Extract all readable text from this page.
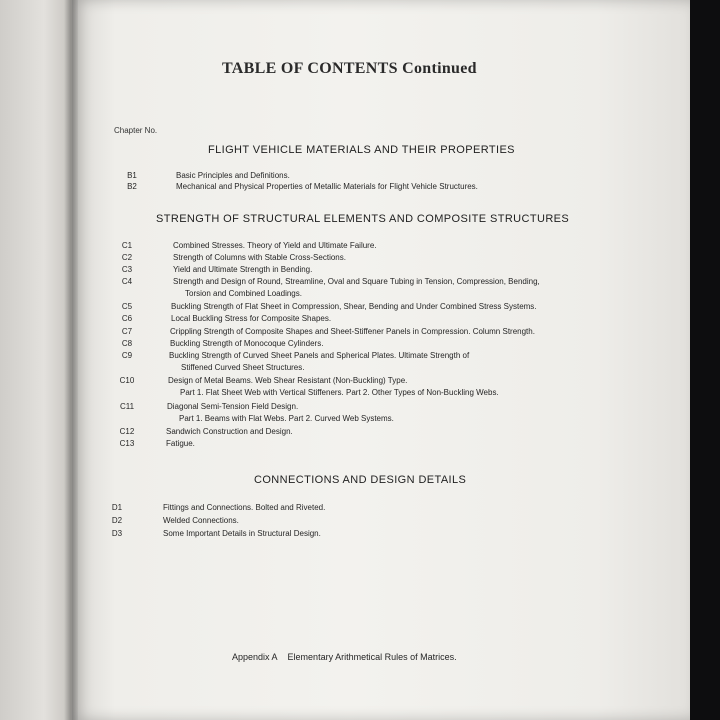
TABLE OF CONTENTS Continued
Chapter No.
FLIGHT VEHICLE MATERIALS AND THEIR PROPERTIES
B1	Basic Principles and Definitions.
B2	Mechanical and Physical Properties of Metallic Materials for Flight Vehicle Structures.
STRENGTH OF STRUCTURAL ELEMENTS AND COMPOSITE STRUCTURES
C1	Combined Stresses. Theory of Yield and Ultimate Failure.
C2	Strength of Columns with Stable Cross-Sections.
C3	Yield and Ultimate Strength in Bending.
C4	Strength and Design of Round, Streamline, Oval and Square Tubing in Tension, Compression, Bending,
Torsion and Combined Loadings.
C5	Buckling Strength of Flat Sheet in Compression, Shear, Bending and Under Combined Stress Systems.
C6	Local Buckling Stress for Composite Shapes.
C7	Crippling Strength of Composite Shapes and Sheet-Stiffener Panels in Compression. Column Strength.
C8	Buckling Strength of Monocoque Cylinders.
C9	Buckling Strength of Curved Sheet Panels and Spherical Plates. Ultimate Strength of
Stiffened Curved Sheet Structures.
C10	Design of Metal Beams. Web Shear Resistant (Non-Buckling) Type.
Part 1. Flat Sheet Web with Vertical Stiffeners. Part 2. Other Types of Non-Buckling Webs.
C11	Diagonal Semi-Tension Field Design.
Part 1. Beams with Flat Webs. Part 2. Curved Web Systems.
C12	Sandwich Construction and Design.
C13	Fatigue.
CONNECTIONS AND DESIGN DETAILS
D1	Fittings and Connections. Bolted and Riveted.
D2	Welded Connections.
D3	Some Important Details in Structural Design.
Appendix A Elementary Arithmetical Rules of Matrices.
